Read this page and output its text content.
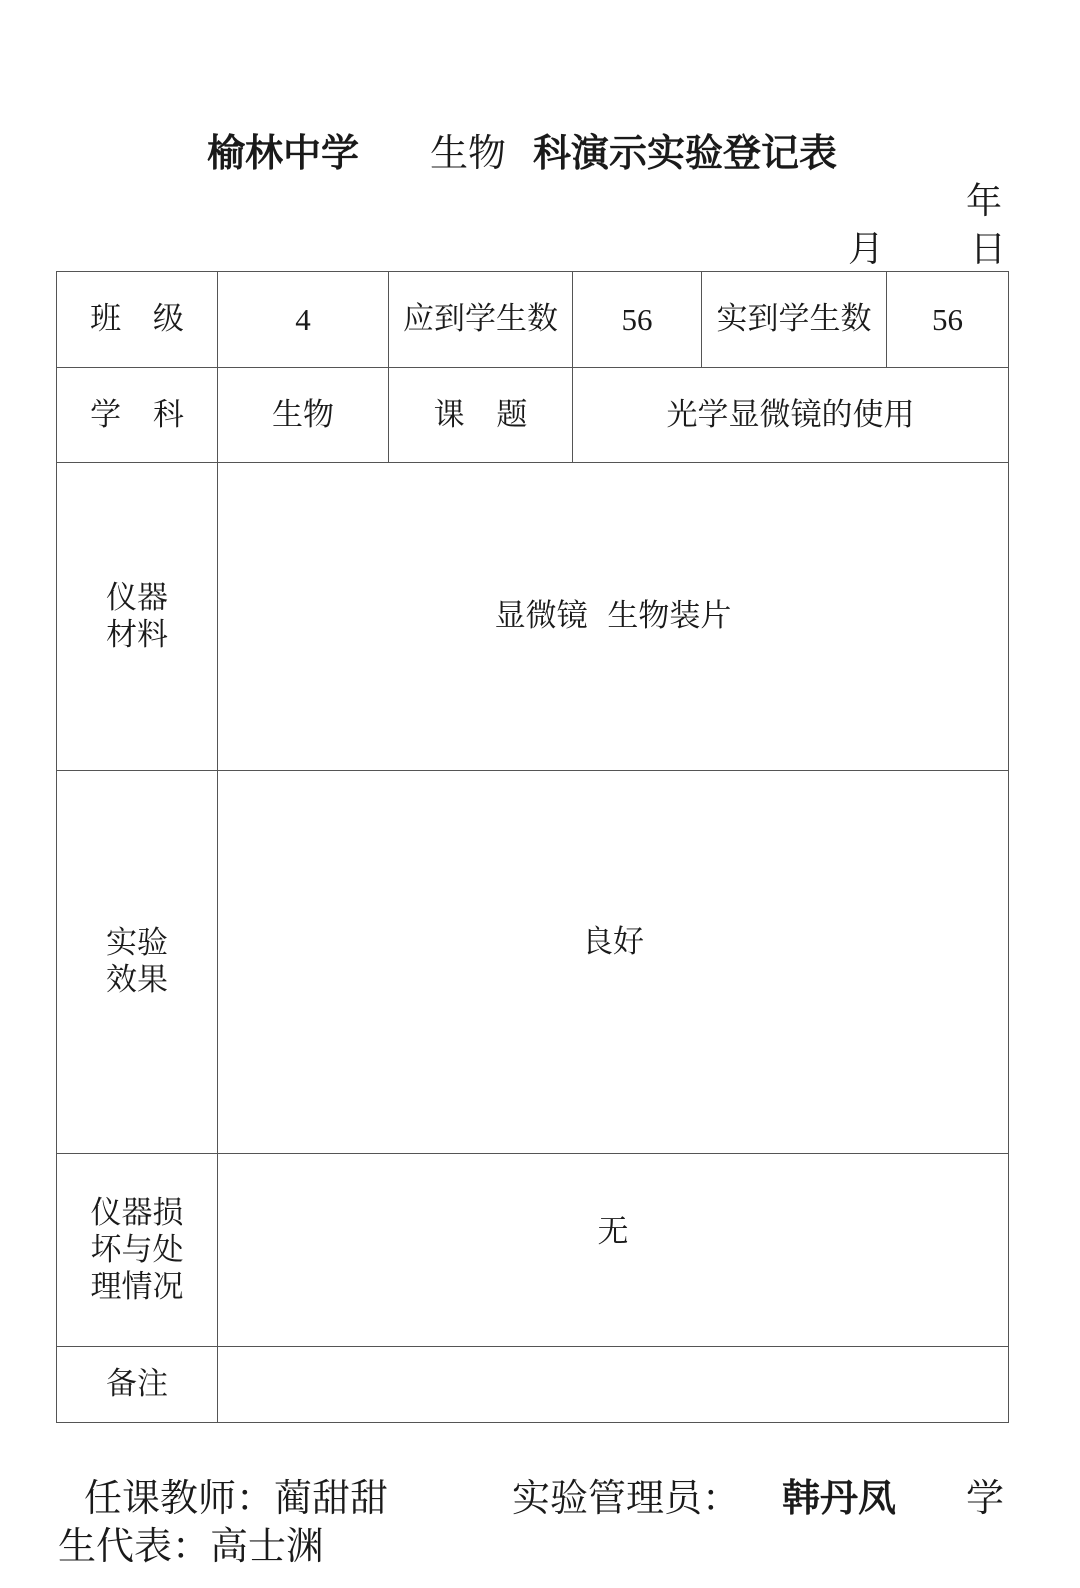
榆林中学 生物 科演示实验登记表
年
月 日
班 级	4	应到学生数	56	实到学生数	56
学 科	生物	课 题	光学显微镜的使用		

仪器
材料	显微镜  生物装片				

实验
效果	良好				

仪器损
坏与处
理情况	无				
备注					
任课教师：蔺甜甜	实验管理员： 韩丹凤 学
生代表：高士渊
